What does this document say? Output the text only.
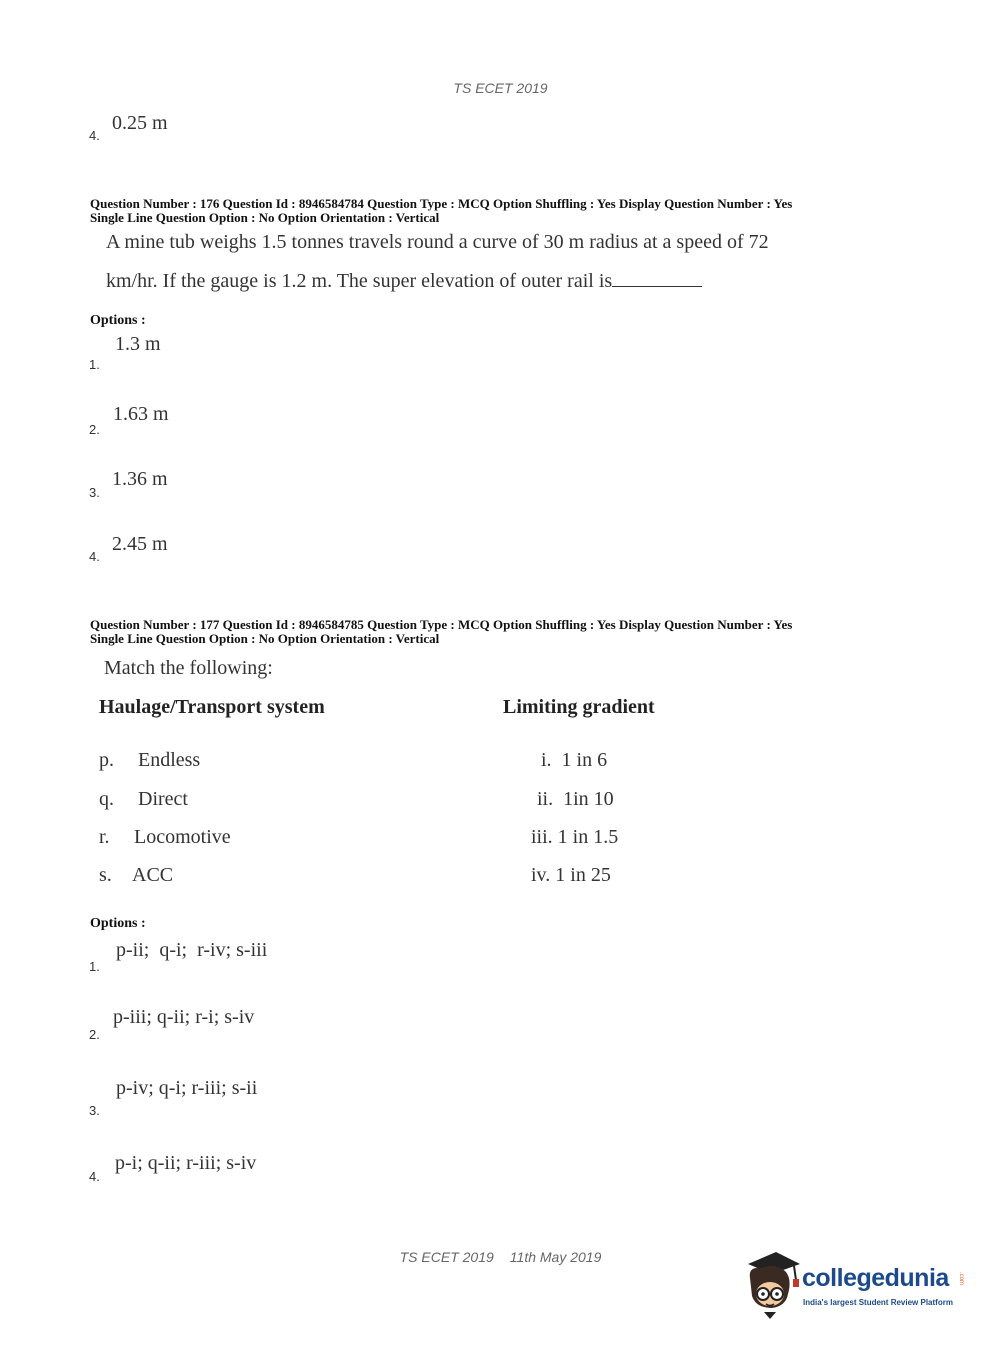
TS ECET 2019
4.
0.25 m
Question Number : 176 Question Id : 8946584784 Question Type : MCQ Option Shuffling : Yes Display Question Number : Yes
Single Line Question Option : No Option Orientation : Vertical
A mine tub weighs 1.5 tonnes travels round a curve of 30 m radius at a speed of 72
km/hr. If the gauge is 1.2 m. The super elevation of outer rail is
Options :
1.
1.3 m
2.
1.63 m
3.
1.36 m
4.
2.45 m
Question Number : 177 Question Id : 8946584785 Question Type : MCQ Option Shuffling : Yes Display Question Number : Yes
Single Line Question Option : No Option Orientation : Vertical
Match the following:
Haulage/Transport system	Limiting gradient
p. Endless
q. Direct
r. Locomotive
s. ACC
i.  1 in 6
ii.  1in 10
iii. 1 in 1.5
iv. 1 in 25
Options :
1.
p-ii;  q-i;  r-iv; s-iii
2.
p-iii; q-ii; r-i; s-iv
3.
p-iv; q-i; r-iii; s-ii
4.
p-i; q-ii; r-iii; s-iv
TS ECET 2019 11th May 2019
collegedunia .com
India's largest Student Review Platform
